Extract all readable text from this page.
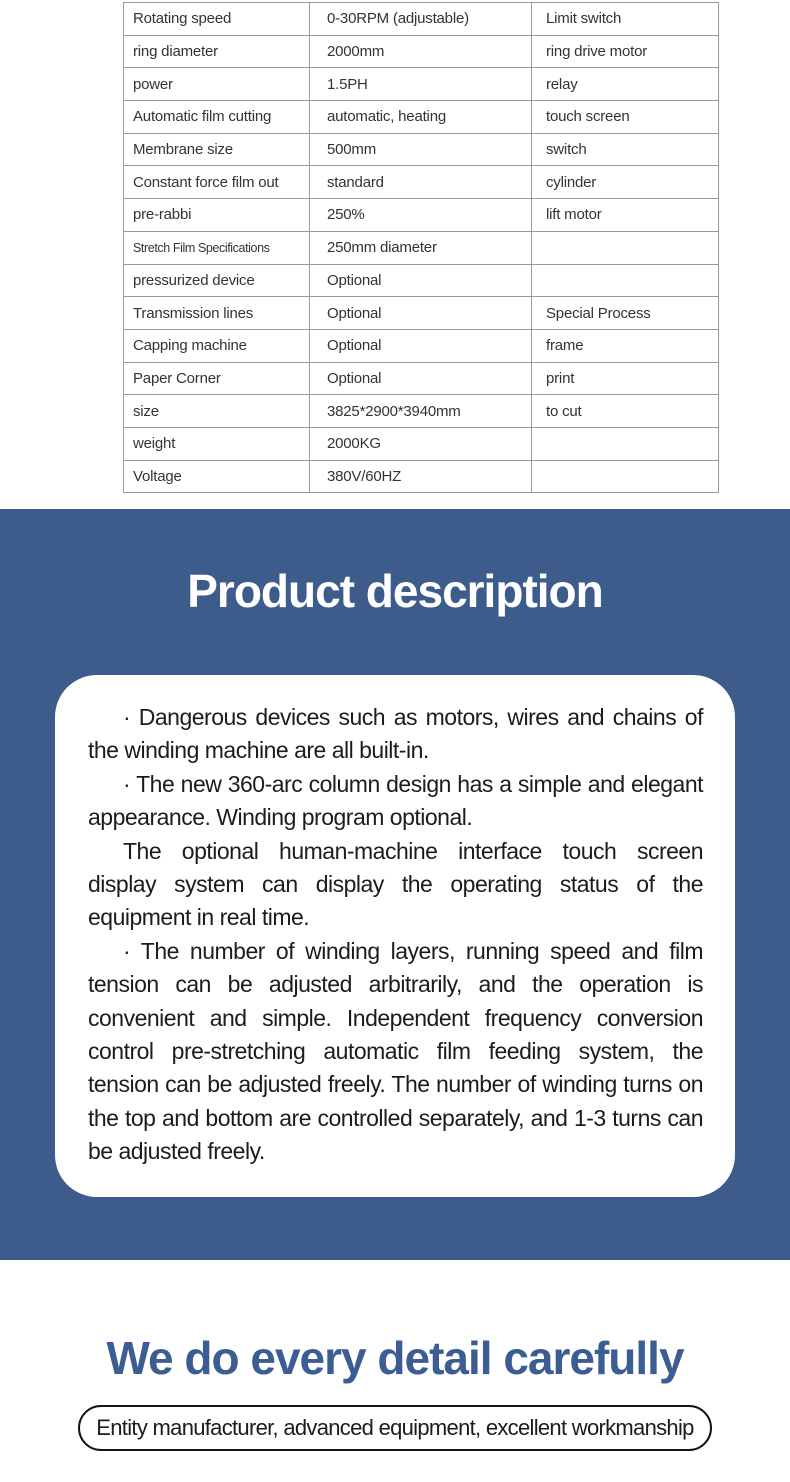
Rotating speed	0-30RPM (adjustable)	Limit switch
ring diameter	2000mm	ring drive motor
power	1.5PH	relay
Automatic film cutting	automatic, heating	touch screen
Membrane size	500mm	switch
Constant force film out	standard	cylinder
pre-rabbi	250%	lift motor
Stretch Film Specifications	250mm diameter	
pressurized device	Optional	
Transmission lines	Optional	Special Process
Capping machine	Optional	frame
Paper Corner	Optional	print
size	3825*2900*3940mm	to cut
weight	2000KG	
Voltage	380V/60HZ	
Product description

· Dangerous devices such as motors, wires and chains of the winding machine are all built-in.

· The new 360-arc column design has a simple and elegant appearance. Winding program optional.

The optional human-machine interface touch screen display system can display the operating status of the equipment in real time.

· The number of winding layers, running speed and film tension can be adjusted arbitrarily, and the operation is convenient and simple. Independent frequency conversion control pre-stretching automatic film feeding system, the tension can be adjusted freely. The number of winding turns on the top and bottom are controlled separately, and 1-3 turns can be adjusted freely.

We do every detail carefully
Entity manufacturer, advanced equipment, excellent workmanship
